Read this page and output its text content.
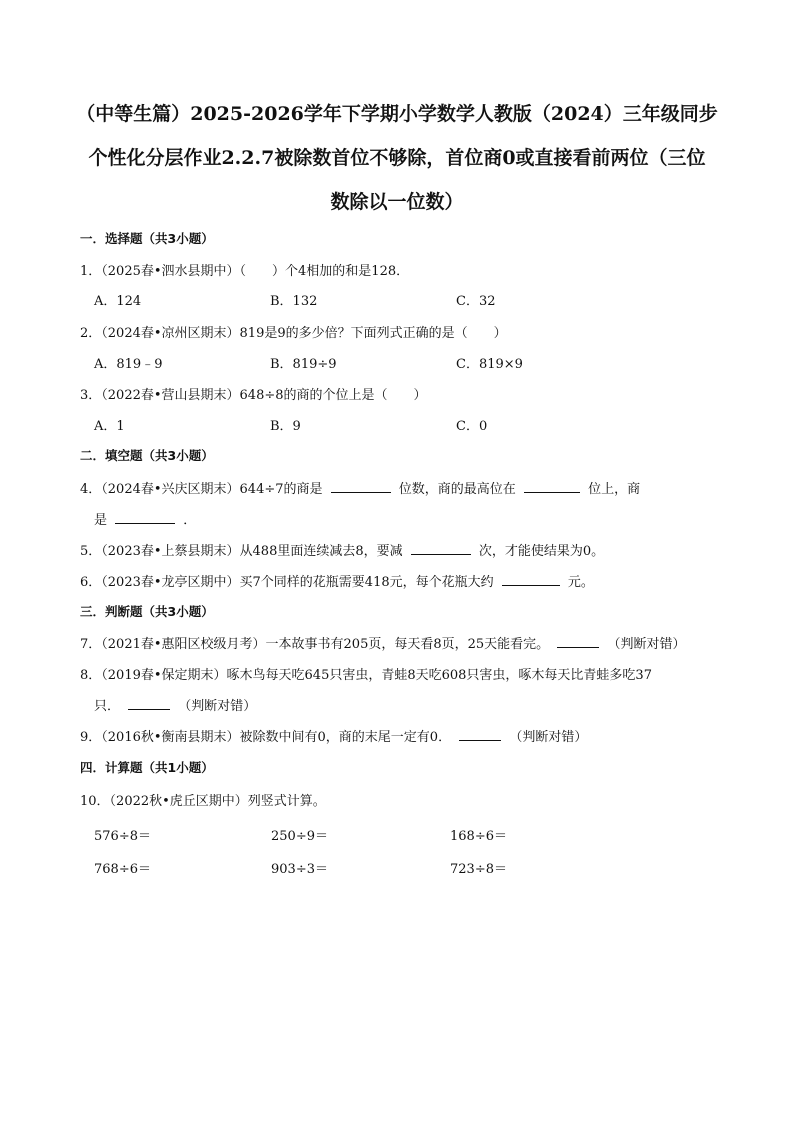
（中等生篇）2025-2026学年下学期小学数学人教版（2024）三年级同步
个性化分层作业2.2.7被除数首位不够除，首位商0或直接看前两位（三位
数除以一位数）
一．选择题（共3小题）
1．（2025春•泗水县期中）（　　）个4相加的和是128．
A．124	B．132	C．32
2．（2024春•凉州区期末）819是9的多少倍？下面列式正确的是（　　）
A．819﹣9	B．819÷9	C．819×9
3．（2022春•营山县期末）648÷8的商的个位上是（　　）
A．1	B．9	C．0
二．填空题（共3小题）
4．（2024春•兴庆区期末）644÷7的商是	位数，商的最高位在	位上，商
是	．
5．（2023春•上蔡县期末）从488里面连续减去8，要减	次，才能使结果为0。
6．（2023春•龙亭区期中）买7个同样的花瓶需要418元，每个花瓶大约	元。
三．判断题（共3小题）
7．（2021春•惠阳区校级月考）一本故事书有205页，每天看8页，25天能看完。	（判断对错）
8．（2019春•保定期末）啄木鸟每天吃645只害虫，青蛙8天吃608只害虫，啄木每天比青蛙多吃37
只．	（判断对错）
9．（2016秋•衡南县期末）被除数中间有0，商的末尾一定有0．	（判断对错）
四．计算题（共1小题）
10．（2022秋•虎丘区期中）列竖式计算。
576÷8＝	250÷9＝	168÷6＝
768÷6＝	903÷3＝	723÷8＝
